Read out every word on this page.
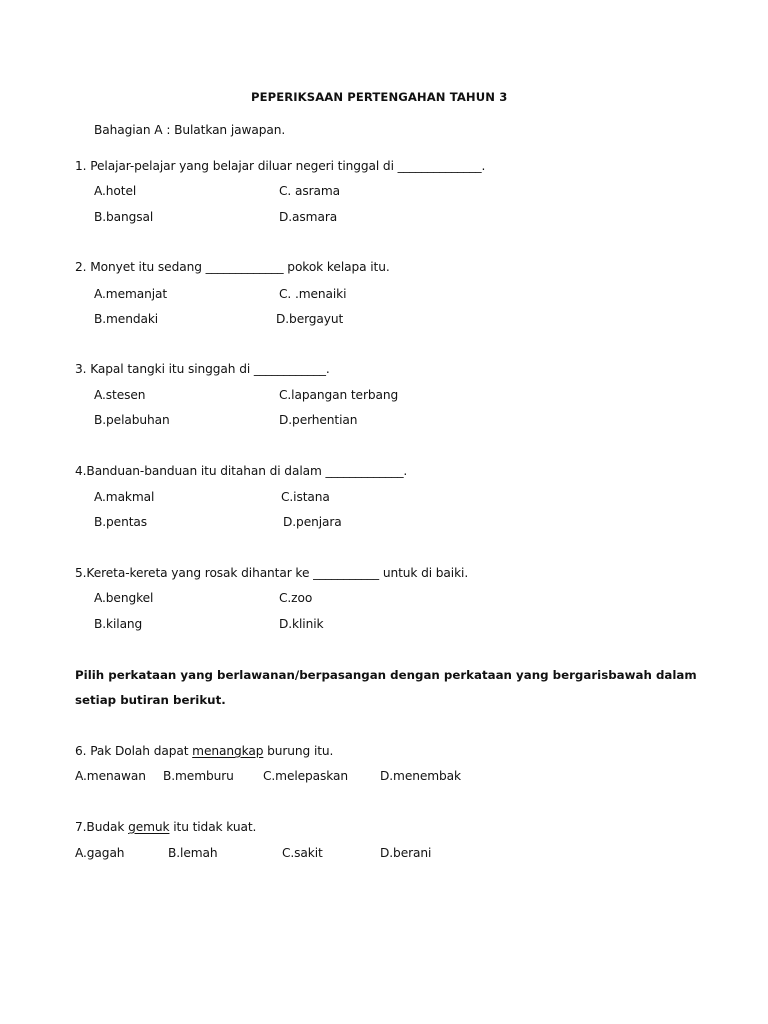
PEPERIKSAAN PERTENGAHAN TAHUN 3
Bahagian A : Bulatkan jawapan.
1. Pelajar-pelajar yang belajar diluar negeri tinggal di ______________.
A.hotel	C. asrama
B.bangsal	D.asmara
2. Monyet itu sedang _____________ pokok kelapa itu.
A.memanjat	C. .menaiki
B.mendaki	D.bergayut
3. Kapal tangki itu singgah di ____________.
A.stesen	C.lapangan terbang
B.pelabuhan	D.perhentian
4.Banduan-banduan itu ditahan di dalam _____________.
A.makmal	C.istana
B.pentas	D.penjara
5.Kereta-kereta yang rosak dihantar ke ___________ untuk di baiki.
A.bengkel	C.zoo
B.kilang	D.klinik
Pilih perkataan yang berlawanan/berpasangan dengan perkataan yang bergarisbawah dalam
setiap butiran berikut.
6. Pak Dolah dapat menangkap burung itu.
A.menawan B.memburu C.melepaskan	D.menembak
7.Budak gemuk itu tidak kuat.
A.gagah	B.lemah	C.sakit	D.berani
